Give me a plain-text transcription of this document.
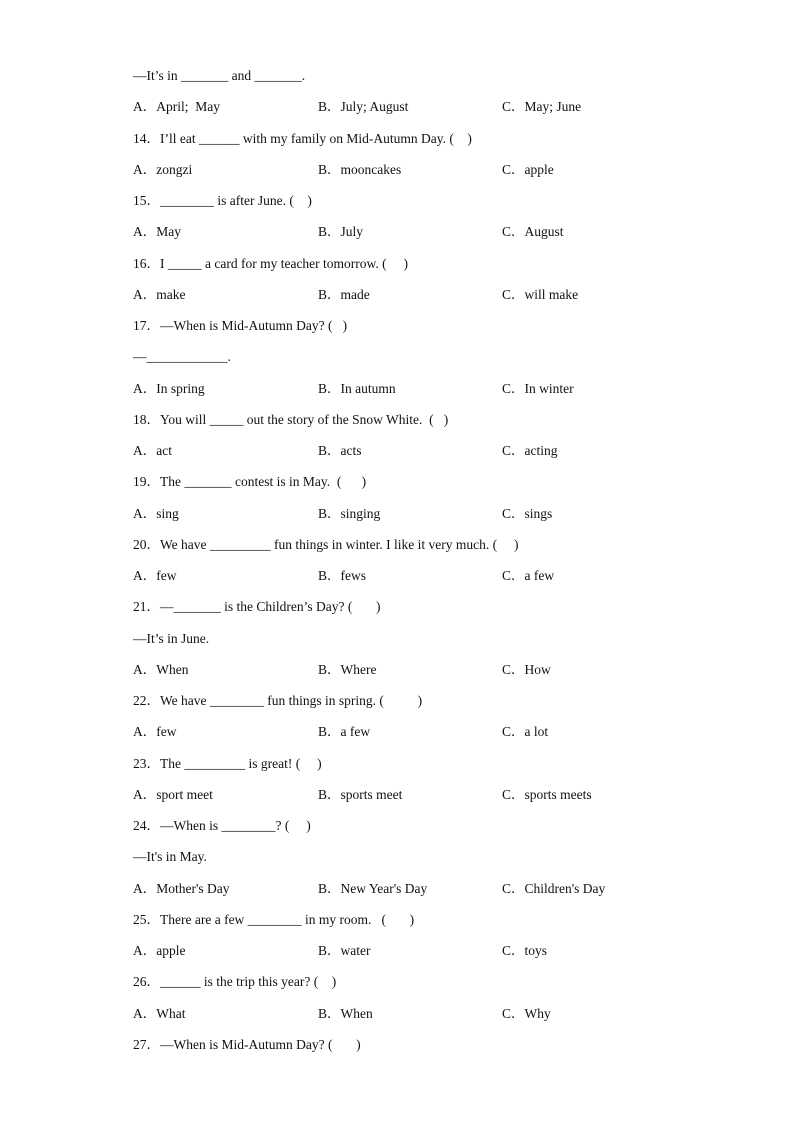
—It’s in _______ and _______.
A．April;  May	B．July; August	C．May; June
14．I’ll eat ______ with my family on Mid-Autumn Day. (    )
A．zongzi	B．mooncakes	C．apple
15．________ is after June. (    )
A．May	B．July	C．August
16．I _____ a card for my teacher tomorrow. (     )
A．make	B．made	C．will make
17．—When is Mid-Autumn Day? (   )
—____________.
A．In spring	B．In autumn	C．In winter
18．You will _____ out the story of the Snow White.  (   )
A．act	B．acts	C．acting
19．The _______ contest is in May.  (      )
A．sing	B．singing	C．sings
20．We have _________ fun things in winter. I like it very much. (     )
A．few	B．fews	C．a few
21．—_______ is the Children’s Day? (       )
—It’s in June.
A．When	B．Where	C．How
22．We have ________ fun things in spring. (          )
A．few	B．a few	C．a lot
23．The _________ is great! (     )
A．sport meet	B．sports meet	C．sports meets
24．—When is ________? (     )
—It's in May.
A．Mother's Day	B．New Year's Day	C．Children's Day
25．There are a few ________ in my room.   (       )
A．apple	B．water	C．toys
26．______ is the trip this year? (    )
A．What	B．When	C．Why
27．—When is Mid-Autumn Day? (       )
